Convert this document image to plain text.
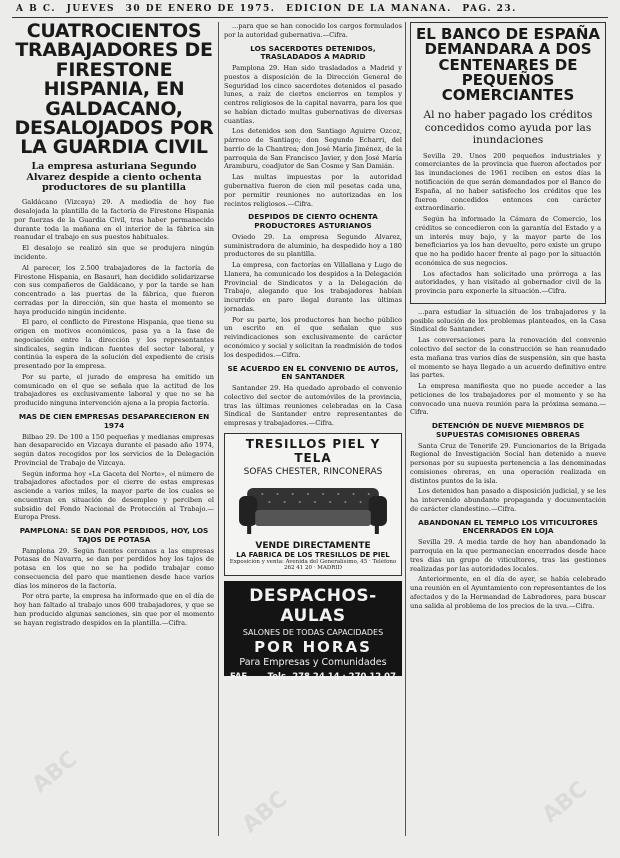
ABC
ABC	ABC
A B C. JUEVES 30 DE ENERO DE 1975. EDICION DE LA MAÑANA. PAG. 23.
CUATROCIENTOS TRABAJADORES DE FIRESTONE HISPANIA, EN GALDACANO, DESALOJADOS POR LA GUARDIA CIVIL
La empresa asturiana Segundo Alvarez despide a ciento ochenta productores de su plantilla

Galdácano (Vizcaya) 29. A mediodía de hoy fue desalojada la plantilla de la factoría de Firestone Hispania por fuerzas de la Guardia Civil, tras haber permanecido durante toda la mañana en el interior de la fábrica sin reanudar el trabajo en sus puestos habituales.

El desalojo se realizó sin que se produjera ningún incidente.

Al parecer, los 2.500 trabajadores de la factoría de Firestone Hispania, en Basauri, han decidido solidarizarse con sus compañeros de Galdácano, y por la tarde se han concentrado a las puertas de la fábrica, que fueron cerradas por la dirección, sin que hasta el momento se haya producido ningún incidente.

El paro, el conflicto de Firestone Hispania, que tiene su origen en motivos económicos, pasa ya a la fase de negociación entre la dirección y los representantes sindicales, según indican fuentes del sector laboral, y continúa la espera de la solución del expediente de crisis presentado por la empresa.

Por su parte, el jurado de empresa ha emitido un comunicado en el que se señala que la actitud de los trabajadores es exclusivamente laboral y que no se ha producido ninguna intervención ajena a la propia factoría.

MAS DE CIEN EMPRESAS DESAPARECIERON EN 1974

Bilbao 29. De 100 a 150 pequeñas y medianas empresas han desaparecido en Vizcaya durante el pasado año 1974, según datos recogidos por los servicios de la Delegación Provincial de Trabajo de Vizcaya.

Según informa hoy «La Gaceta del Norte», el número de trabajadores afectados por el cierre de estas empresas asciende a varios miles, la mayor parte de los cuales se encuentran en situación de desempleo y perciben el subsidio del Fondo Nacional de Protección al Trabajo.—Europa Press.

PAMPLONA: SE DAN POR PERDIDOS, HOY, LOS TAJOS DE POTASA

Pamplona 29. Según fuentes cercanas a las empresas Potasas de Navarra, se dan por perdidos hoy los tajos de potasa en los que no se ha podido trabajar como consecuencia del paro que mantienen desde hace varios días los mineros de la factoría.

Por otra parte, la empresa ha informado que en el día de hoy han faltado al trabajo unos 600 trabajadores, y que se han producido algunas sanciones, sin que por el momento se hayan registrado despidos en la plantilla.—Cifra.

...para que se han conocido los cargos formulados por la autoridad gubernativa.—Cifra.

LOS SACERDOTES DETENIDOS, TRASLADADOS A MADRID

Pamplona 29. Han sido trasladados a Madrid y puestos a disposición de la Dirección General de Seguridad los cinco sacerdotes detenidos el pasado lunes, a raíz de ciertos encierros en templos y centros religiosos de la capital navarra, para los que se habían dictado multas gubernativas de diversas cuantías.

Los detenidos son don Santiago Aguirre Ozcoz, párroco de Santiago; don Segundo Echarri, del barrio de la Chantrea; don José María Jiménez, de la parroquia de San Francisco Javier, y don José María Aramburu, coadjutor de San Cosme y San Damián.

Las multas impuestas por la autoridad gubernativa fueron de cien mil pesetas cada una, por permitir reuniones no autorizadas en los recintos religiosos.—Cifra.

DESPIDOS DE CIENTO OCHENTA PRODUCTORES ASTURIANOS

Oviedo 29. La empresa Segundo Alvarez, suministradora de aluminio, ha despedido hoy a 180 productores de su plantilla.

La empresa, con factorías en Villallana y Lugo de Llanera, ha comunicado los despidos a la Delegación Provincial de Sindicatos y a la Delegación de Trabajo, alegando que los trabajadores habían incurrido en paro ilegal durante las últimas jornadas.

Por su parte, los productores han hecho público un escrito en el que señalan que sus reivindicaciones son exclusivamente de carácter económico y social y solicitan la readmisión de todos los despedidos.—Cifra.

SE ACUERDO EN EL CONVENIO DE AUTOS, EN SANTANDER

Santander 29. Ha quedado aprobado el convenio colectivo del sector de automóviles de la provincia, tras las últimas reuniones celebradas en la Casa Sindical de Santander entre representantes de empresas y trabajadores.—Cifra.

TRESILLOS PIEL Y TELA
SOFAS CHESTER, RINCONERAS
VENDE DIRECTAMENTE
LA FABRICA DE LOS TRESILLOS DE PIEL
Exposición y venta: Avenida del Generalísimo, 45 · Teléfono 262 41 20 · MADRID
DESPACHOS-AULAS
SALONES DE TODAS CAPACIDADES
POR HORAS
Para Empresas y Comunidades
FAE Tels. 278 24 14 · 270 12 07
EL BANCO DE ESPAÑA DEMANDARA A DOS CENTENARES DE PEQUEÑOS COMERCIANTES
Al no haber pagado los créditos concedidos como ayuda por las inundaciones

Sevilla 29. Unos 200 pequeños industriales y comerciantes de la provincia que fueron afectados por las inundaciones de 1961 reciben en estos días la notificación de que serán demandados por el Banco de España, al no haber satisfecho los créditos que les fueron concedidos entonces con carácter extraordinario.

Según ha informado la Cámara de Comercio, los créditos se concedieron con la garantía del Estado y a un interés muy bajo, y la mayor parte de los beneficiarios ya los han devuelto, pero existe un grupo que no ha podido hacer frente al pago por la situación económica de sus negocios.

Los afectados han solicitado una prórroga a las autoridades, y han visitado al gobernador civil de la provincia para exponerle la situación.—Cifra.

...para estudiar la situación de los trabajadores y la posible solución de los problemas planteados, en la Casa Sindical de Santander.

Las conversaciones para la renovación del convenio colectivo del sector de la construcción se han reanudado esta mañana tras varios días de suspensión, sin que hasta el momento se haya llegado a un acuerdo definitivo entre las partes.

La empresa manifiesta que no puede acceder a las peticiones de los trabajadores por el momento y se ha convocado una nueva reunión para la próxima semana.—Cifra.

DETENCIÓN DE NUEVE MIEMBROS DE SUPUESTAS COMISIONES OBRERAS

Santa Cruz de Tenerife 29. Funcionarios de la Brigada Regional de Investigación Social han detenido a nueve personas por su supuesta pertenencia a las denominadas comisiones obreras, en una operación realizada en distintos puntos de la isla.

Los detenidos han pasado a disposición judicial, y se les ha intervenido abundante propaganda y documentación de carácter clandestino.—Cifra.

ABANDONAN EL TEMPLO LOS VITICULTORES ENCERRADOS EN LOJA

Sevilla 29. A media tarde de hoy han abandonado la parroquia en la que permanecían encerrados desde hace tres días un grupo de viticultores, tras las gestiones realizadas por las autoridades locales.

Anteriormente, en el día de ayer, se había celebrado una reunión en el Ayuntamiento con representantes de los afectados y de la Hermandad de Labradores, para buscar una salida al problema de los precios de la uva.—Cifra.
